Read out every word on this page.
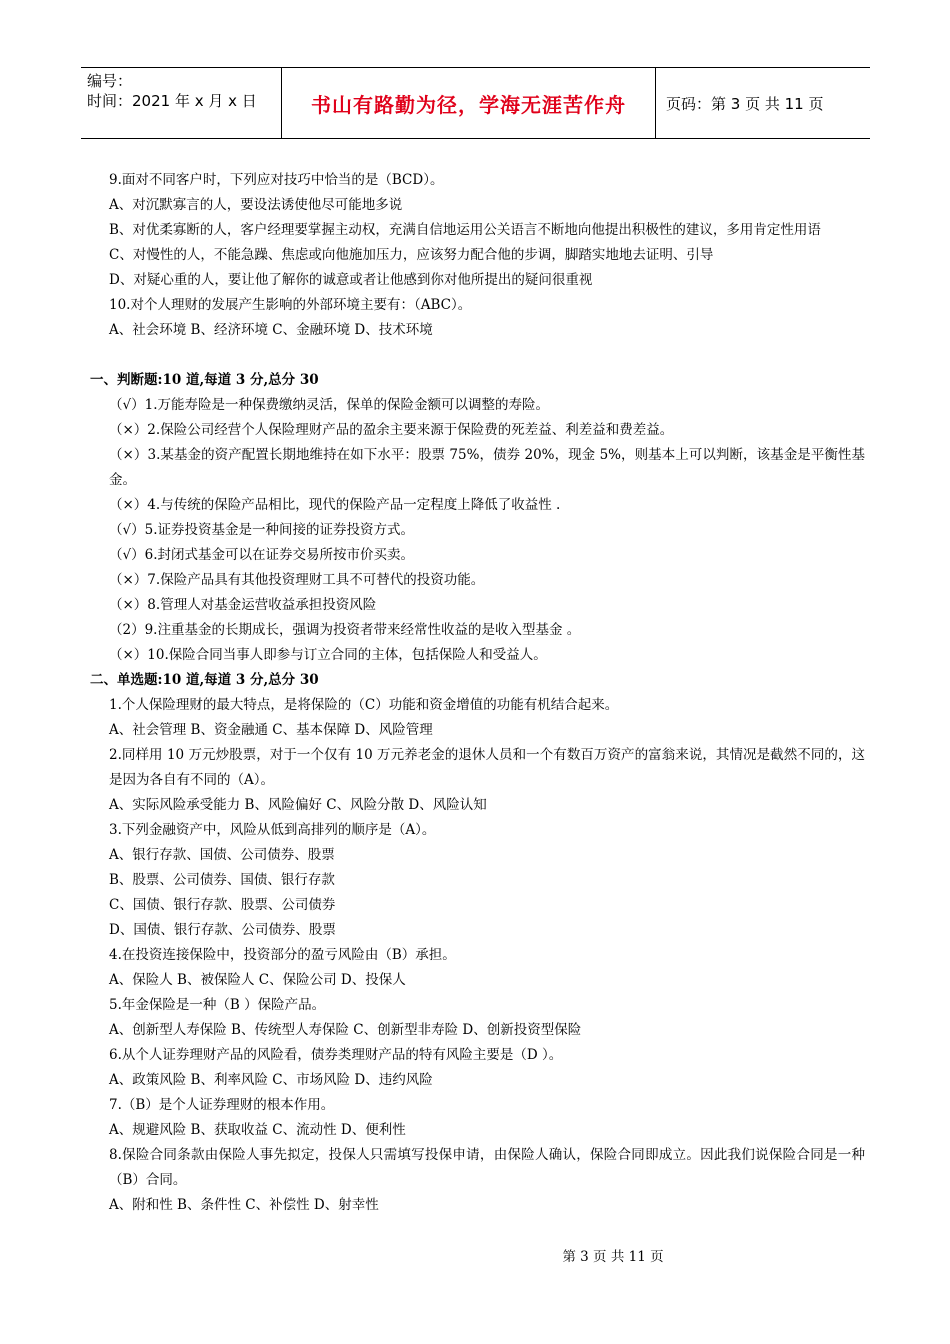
编号：
时间：2021 年 x 月 x 日	书山有路勤为径，学海无涯苦作舟	页码：第 3 页 共 11 页
9.面对不同客户时，下列应对技巧中恰当的是（BCD）。
A、对沉默寡言的人，要设法诱使他尽可能地多说
B、对优柔寡断的人，客户经理要掌握主动权，充满自信地运用公关语言不断地向他提出积极性的建议，多用肯定性用语
C、对慢性的人，不能急躁、焦虑或向他施加压力，应该努力配合他的步调，脚踏实地地去证明、引导
D、对疑心重的人，要让他了解你的诚意或者让他感到你对他所提出的疑问很重视
10.对个人理财的发展产生影响的外部环境主要有：（ABC）。
A、社会环境 B、经济环境 C、金融环境 D、技术环境
一、判断题:10 道,每道 3 分,总分 30
（√）1.万能寿险是一种保费缴纳灵活，保单的保险金额可以调整的寿险。
（×）2.保险公司经营个人保险理财产品的盈余主要来源于保险费的死差益、利差益和费差益。
（×）3.某基金的资产配置长期地维持在如下水平：股票 75%，债券 20%，现金 5%，则基本上可以判断，该基金是平衡性基金。
（×）4.与传统的保险产品相比，现代的保险产品一定程度上降低了收益性 .
（√）5.证券投资基金是一种间接的证券投资方式。
（√）6.封闭式基金可以在证券交易所按市价买卖。
（×）7.保险产品具有其他投资理财工具不可替代的投资功能。
（×）8.管理人对基金运营收益承担投资风险
（2）9.注重基金的长期成长，强调为投资者带来经常性收益的是收入型基金 。
（×）10.保险合同当事人即参与订立合同的主体，包括保险人和受益人。
二、单选题:10 道,每道 3 分,总分 30
1.个人保险理财的最大特点，是将保险的（C）功能和资金增值的功能有机结合起来。
A、社会管理 B、资金融通 C、基本保障 D、风险管理
2.同样用 10 万元炒股票，对于一个仅有 10 万元养老金的退休人员和一个有数百万资产的富翁来说，其情况是截然不同的，这是因为各自有不同的（A）。
A、实际风险承受能力 B、风险偏好 C、风险分散 D、风险认知
3.下列金融资产中，风险从低到高排列的顺序是（A）。
A、银行存款、国债、公司债券、股票
B、股票、公司债券、国债、银行存款
C、国债、银行存款、股票、公司债券
D、国债、银行存款、公司债券、股票
4.在投资连接保险中，投资部分的盈亏风险由（B）承担。
A、保险人 B、被保险人 C、保险公司 D、投保人
5.年金保险是一种（B ）保险产品。
A、创新型人寿保险 B、传统型人寿保险 C、创新型非寿险 D、创新投资型保险
6.从个人证券理财产品的风险看，债券类理财产品的特有风险主要是（D ）。
A、政策风险 B、利率风险 C、市场风险 D、违约风险
7.（B）是个人证券理财的根本作用。
A、规避风险 B、获取收益 C、流动性 D、便利性
8.保险合同条款由保险人事先拟定，投保人只需填写投保申请，由保险人确认，保险合同即成立。因此我们说保险合同是一种（B）合同。
A、附和性 B、条件性 C、补偿性 D、射幸性
第 3 页 共 11 页
